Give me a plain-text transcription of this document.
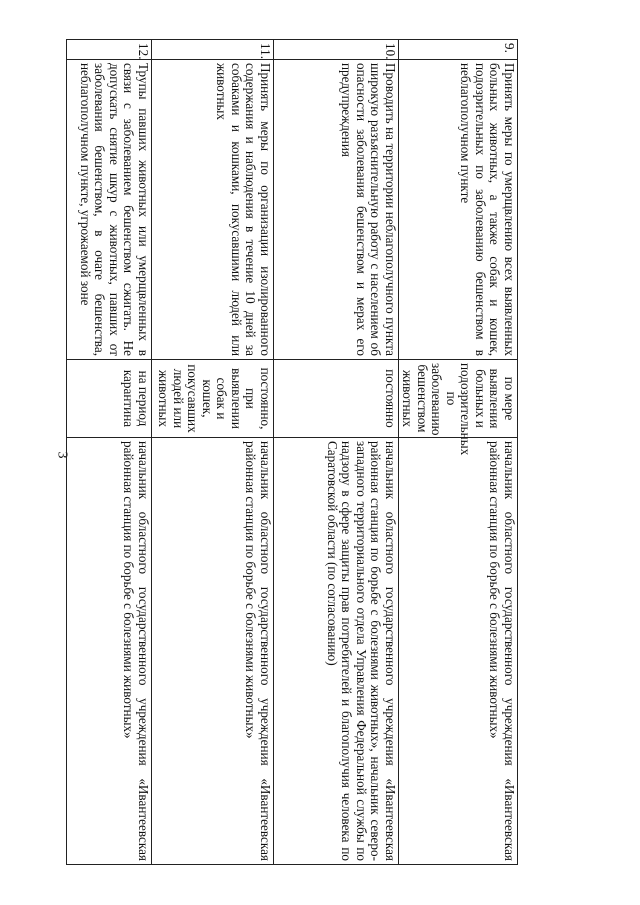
3
9.	Принять меры по умерщвлению всех выявленных больных животных, а также собак и кошек, подозрительных по заболеванию бешенством в неблагополучном пункте	по мере выявления больных и подозрительных по заболеванию бешенством животных	начальник областного государственного учреждения «Ивантеевская районная станция по борьбе с болезнями животных»
10.	Проводить на территории неблагополучного пункта широкую разъяснительную работу с населением об опасности заболевания бешенством и мерах его предупреждения	постоянно	начальник областного государственного учреждения «Ивантеевская районная станция по борьбе с болезнями животных», начальник северо-западного территориального отдела Управления Федеральной службы по надзору в сфере защиты прав потребителей и благополучия человека по Саратовской области (по согласованию)
11.	Принять меры по организации изолированного содержания и наблюдения в течение 10 дней за собаками и кошками, покусавшими людей или животных	постоянно, при выявлении собак и кошек, покусавших людей или животных	начальник областного государственного учреждения «Ивантеевская районная станция по борьбе с болезнями животных»
12.	Трупы павших животных или умерщвленных в связи с заболеванием бешенством сжигать. Не допускать снятие шкур с животных, павших от заболевания бешенством, в очаге бешенства, неблагополучном пункте, угрожаемой зоне	на период карантина	начальник областного государственного учреждения «Ивантеевская районная станция по борьбе с болезнями животных»
